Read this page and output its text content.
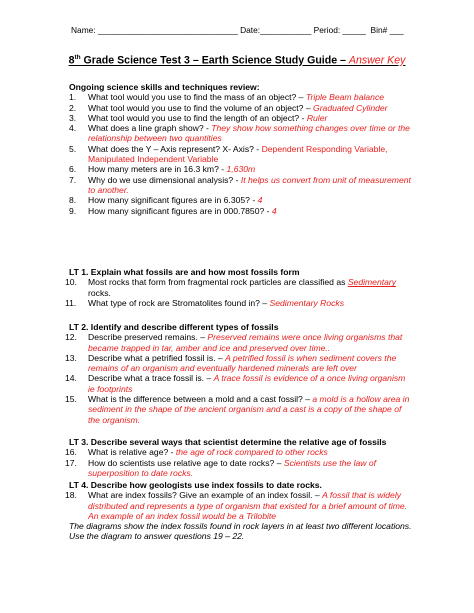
Name: ______________________________ Date:___________ Period: _____ Bin# ___
8th Grade Science Test 3 – Earth Science Study Guide – Answer Key
Ongoing science skills and techniques review:
1. What tool would you use to find the mass of an object? – Triple Beam balance
2. What tool would you use to find the volume of an object? – Graduated Cylinder
3. What tool would you use to find the length of an object? - Ruler
4. What does a line graph show? - They show how something changes over time or the relationship between two quantities
5. What does the Y – Axis represent? X- Axis? - Dependent Responding Variable, Manipulated Independent Variable
6. How many meters are in 16.3 km? - 1,630m
7. Why do we use dimensional analysis? - It helps us convert from unit of measurement to another.
8. How many significant figures are in 6.305? - 4
9. How many significant figures are in 000.7850? - 4
LT 1. Explain what fossils are and how most fossils form
10. Most rocks that form from fragmental rock particles are classified as Sedimentary rocks.
11. What type of rock are Stromatolites found in? – Sedimentary Rocks
LT 2. Identify and describe different types of fossils
12. Describe preserved remains. – Preserved remains were once living organisms that became trapped in tar, amber and ice and preserved over time..
13. Describe what a petrified fossil is. – A petrified fossil is when sediment covers the remains of an organism and eventually hardened minerals are left over
14. Describe what a trace fossil is. – A trace fossil is evidence of a once living organism ie footprints
15. What is the difference between a mold and a cast fossil? – a mold is a hollow area in sediment in the shape of the ancient organism and a cast is a copy of the shape of the organism.
LT 3. Describe several ways that scientist determine the relative age of fossils
16. What is relative age? - the age of rock compared to other rocks
17. How do scientists use relative age to date rocks? – Scientists use the law of superposition to date rocks.
LT 4. Describe how geologists use index fossils to date rocks.
18. What are index fossils? Give an example of an index fossil. – A fossil that is widely distributed and represents a type of organism that existed for a brief amount of time. An example of an index fossil would be a Trilobite
The diagrams show the index fossils found in rock layers in at least two different locations. Use the diagram to answer questions 19 – 22.
